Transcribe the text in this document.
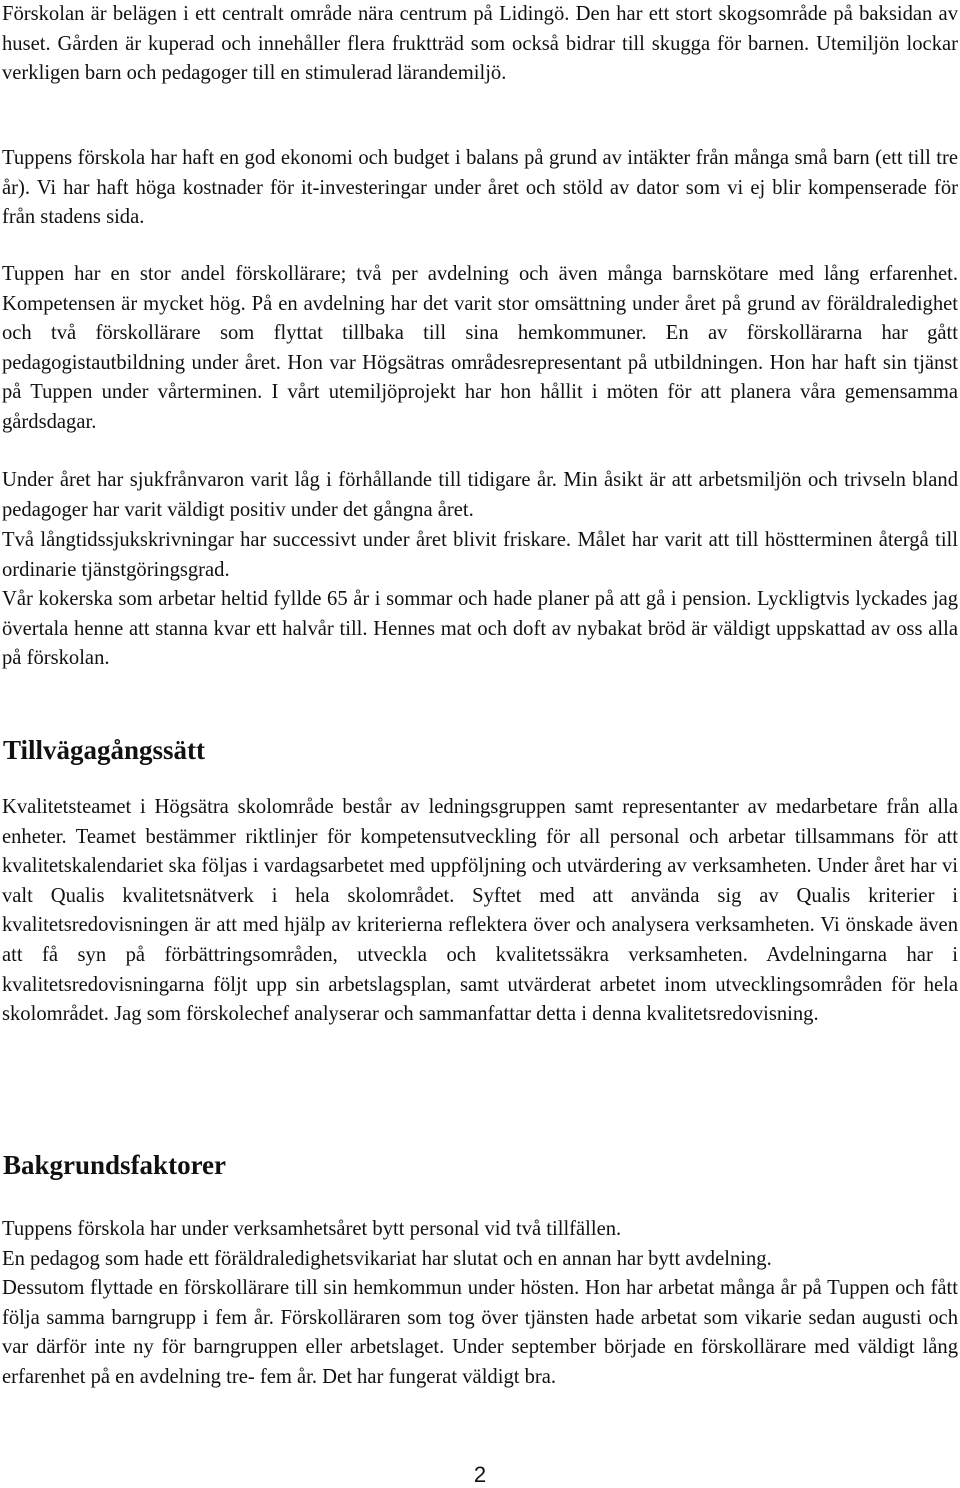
Förskolan är belägen i ett centralt område nära centrum på Lidingö. Den har ett stort skogsområde på baksidan av huset. Gården är kuperad och innehåller flera fruktträd som också bidrar till skugga för barnen. Utemiljön lockar verkligen barn och pedagoger till en stimulerad lärandemiljö.

Tuppens förskola har haft en god ekonomi och budget i balans på grund av intäkter från många små barn (ett till tre år). Vi har haft höga kostnader för it-investeringar under året och stöld av dator som vi ej blir kompenserade för från stadens sida.

Tuppen har en stor andel förskollärare; två per avdelning och även många barnskötare med lång erfarenhet. Kompetensen är mycket hög. På en avdelning har det varit stor omsättning under året på grund av föräldraledighet och två förskollärare som flyttat tillbaka till sina hemkommuner. En av förskollärarna har gått pedagogistautbildning under året. Hon var Högsätras områdesrepresentant på utbildningen. Hon har haft sin tjänst på Tuppen under vårterminen. I vårt utemiljöprojekt har hon hållit i möten för att planera våra gemensamma gårdsdagar.

Under året har sjukfrånvaron varit låg i förhållande till tidigare år. Min åsikt är att arbetsmiljön och trivseln bland pedagoger har varit väldigt positiv under det gångna året.

Två långtidssjukskrivningar har successivt under året blivit friskare. Målet har varit att till höstterminen återgå till ordinarie tjänstgöringsgrad.

Vår kokerska som arbetar heltid fyllde 65 år i sommar och hade planer på att gå i pension. Lyckligtvis lyckades jag övertala henne att stanna kvar ett halvår till. Hennes mat och doft av nybakat bröd är väldigt uppskattad av oss alla på förskolan.

Tillvägagångssätt

Kvalitetsteamet i Högsätra skolområde består av ledningsgruppen samt representanter av medarbetare från alla enheter. Teamet bestämmer riktlinjer för kompetensutveckling för all personal och arbetar tillsammans för att kvalitetskalendariet ska följas i vardagsarbetet med uppföljning och utvärdering av verksamheten. Under året har vi valt Qualis kvalitetsnätverk i hela skolområdet. Syftet med att använda sig av Qualis kriterier i kvalitetsredovisningen är att med hjälp av kriterierna reflektera över och analysera verksamheten. Vi önskade även att få syn på förbättringsområden, utveckla och kvalitetssäkra verksamheten. Avdelningarna har i kvalitetsredovisningarna följt upp sin arbetslagsplan, samt utvärderat arbetet inom utvecklingsområden för hela skolområdet. Jag som förskolechef analyserar och sammanfattar detta i denna kvalitetsredovisning.

Bakgrundsfaktorer

Tuppens förskola har under verksamhetsåret bytt personal vid två tillfällen.

En pedagog som hade ett föräldraledighetsvikariat har slutat och en annan har bytt avdelning.

Dessutom flyttade en förskollärare till sin hemkommun under hösten. Hon har arbetat många år på Tuppen och fått följa samma barngrupp i fem år. Förskolläraren som tog över tjänsten hade arbetat som vikarie sedan augusti och var därför inte ny för barngruppen eller arbetslaget. Under september började en förskollärare med väldigt lång erfarenhet på en avdelning tre- fem år. Det har fungerat väldigt bra.

2
